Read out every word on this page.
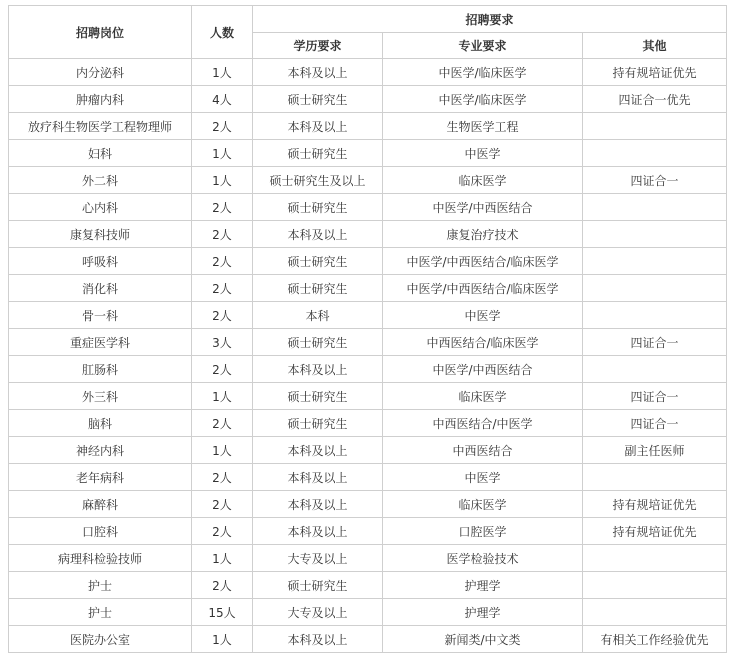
招聘岗位	人数	招聘要求		
		学历要求	专业要求	其他
内分泌科	1人	本科及以上	中医学/临床医学	持有规培证优先
肿瘤内科	4人	硕士研究生	中医学/临床医学	四证合一优先
放疗科生物医学工程物理师	2人	本科及以上	生物医学工程	
妇科	1人	硕士研究生	中医学	
外二科	1人	硕士研究生及以上	临床医学	四证合一
心内科	2人	硕士研究生	中医学/中西医结合	
康复科技师	2人	本科及以上	康复治疗技术	
呼吸科	2人	硕士研究生	中医学/中西医结合/临床医学	
消化科	2人	硕士研究生	中医学/中西医结合/临床医学	
骨一科	2人	本科	中医学	
重症医学科	3人	硕士研究生	中西医结合/临床医学	四证合一
肛肠科	2人	本科及以上	中医学/中西医结合	
外三科	1人	硕士研究生	临床医学	四证合一
脑科	2人	硕士研究生	中西医结合/中医学	四证合一
神经内科	1人	本科及以上	中西医结合	副主任医师
老年病科	2人	本科及以上	中医学	
麻醉科	2人	本科及以上	临床医学	持有规培证优先
口腔科	2人	本科及以上	口腔医学	持有规培证优先
病理科检验技师	1人	大专及以上	医学检验技术	
护士	2人	硕士研究生	护理学	
护士	15人	大专及以上	护理学	
医院办公室	1人	本科及以上	新闻类/中文类	有相关工作经验优先
